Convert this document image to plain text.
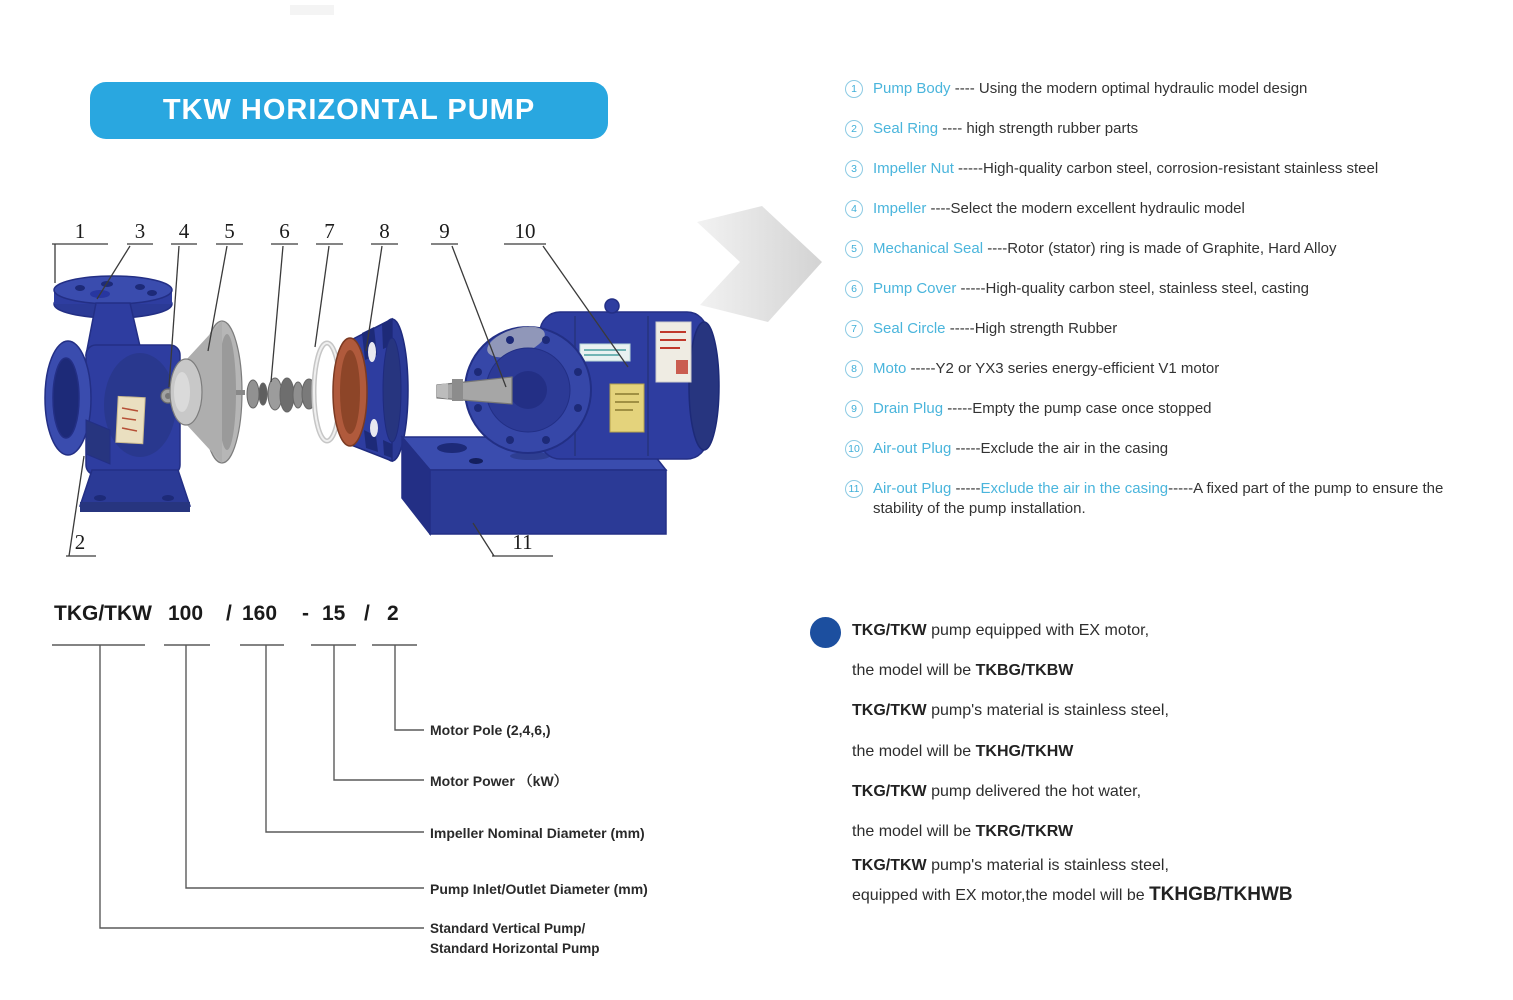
TKW HORIZONTAL PUMP
1	3	4	5	6	7	8	9	10
2	11
1	Pump Body ---- Using the modern optimal hydraulic model design
2	Seal Ring ---- high strength rubber parts
3	Impeller Nut -----High-quality carbon steel, corrosion-resistant stainless steel
4	Impeller ----Select the modern excellent hydraulic model
5	Mechanical Seal ----Rotor (stator) ring is made of Graphite, Hard Alloy
6	Pump Cover -----High-quality carbon steel, stainless steel, casting
7	Seal Circle -----High strength Rubber
8	Moto -----Y2 or YX3 series energy-efficient V1 motor
9	Drain Plug -----Empty the pump case once stopped
10 Air-out Plug -----Exclude the air in the casing
11 Air-out Plug -----Exclude the air in the casing-----A fixed part of the pump to ensure the stability of the pump installation.
TKG/TKW 100 / 160 - 15 / 2
Motor Pole (2,4,6,)
Motor Power （kW）
Impeller Nominal Diameter (mm)
Pump Inlet/Outlet Diameter (mm)
Standard Vertical Pump/
Standard Horizontal Pump
TKG/TKW pump equipped with EX motor,
the model will be TKBG/TKBW
TKG/TKW pump's material is stainless steel,
the model will be TKHG/TKHW
TKG/TKW pump delivered the hot water,
the model will be TKRG/TKRW
TKG/TKW pump's material is stainless steel,
equipped with EX motor,the model will be TKHGB/TKHWB
